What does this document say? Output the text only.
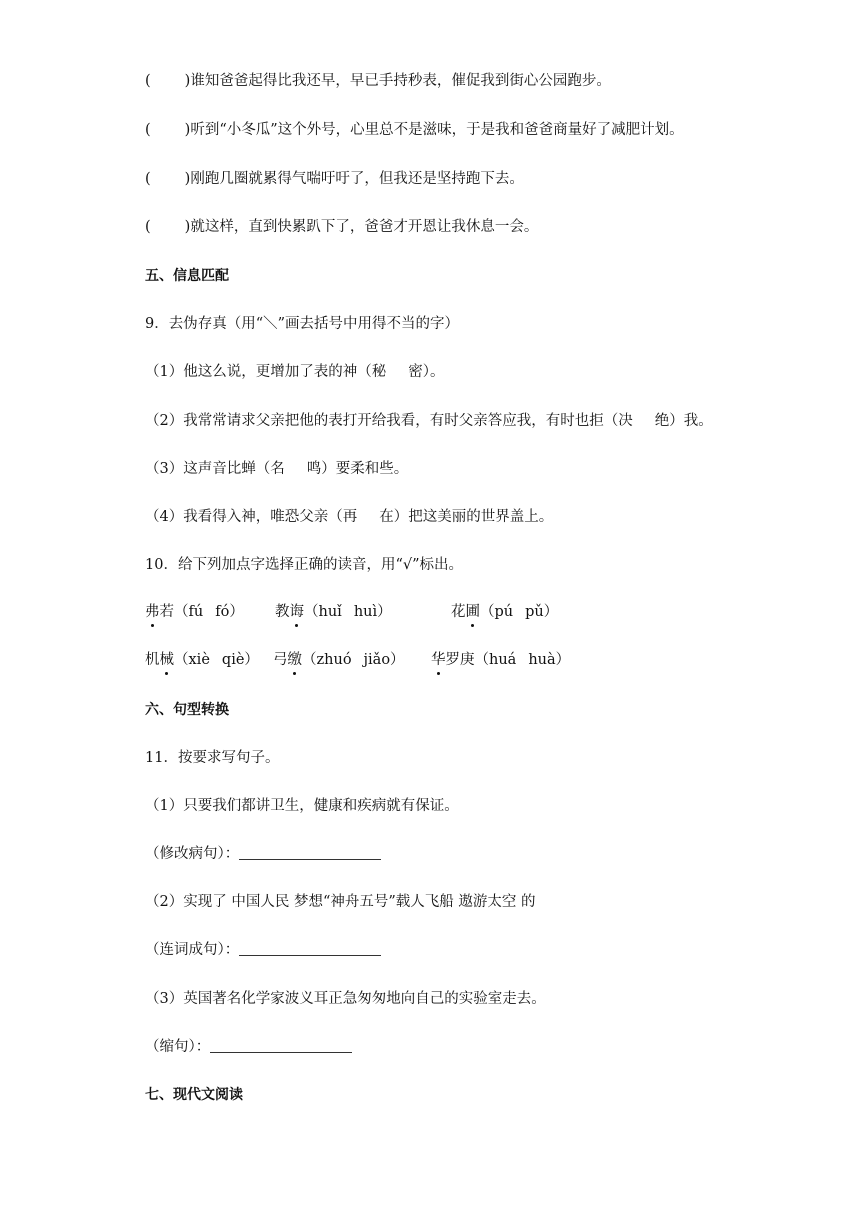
( )谁知爸爸起得比我还早，早已手持秒表，催促我到街心公园跑步。
( )听到“小冬瓜”这个外号，心里总不是滋味，于是我和爸爸商量好了减肥计划。
( )刚跑几圈就累得气喘吁吁了，但我还是坚持跑下去。
( )就这样，直到快累趴下了，爸爸才开恩让我休息一会。
五、信息匹配
9．去伪存真（用“＼”画去括号中用得不当的字）
（1）他这么说，更增加了表的神（秘 密）。
（2）我常常请求父亲把他的表打开给我看，有时父亲答应我，有时也拒（决 绝）我。
（3）这声音比蝉（名 鸣）要柔和些。
（4）我看得入神，唯恐父亲（再 在）把这美丽的世界盖上。
10．给下列加点字选择正确的读音，用“√”标出。
弗若（fú fó） 教诲（huǐ huì）	花圃（pú pǔ）
机械（xiè qiè） 弓缴（zhuó jiǎo） 华罗庚（huá huà）
六、句型转换
11．按要求写句子。
（1）只要我们都讲卫生，健康和疾病就有保证。
（修改病句）：
（2）实现了 中国人民 梦想“神舟五号”载人飞船 遨游太空 的
（连词成句）：
（3）英国著名化学家波义耳正急匆匆地向自己的实验室走去。
（缩句）：
七、现代文阅读
